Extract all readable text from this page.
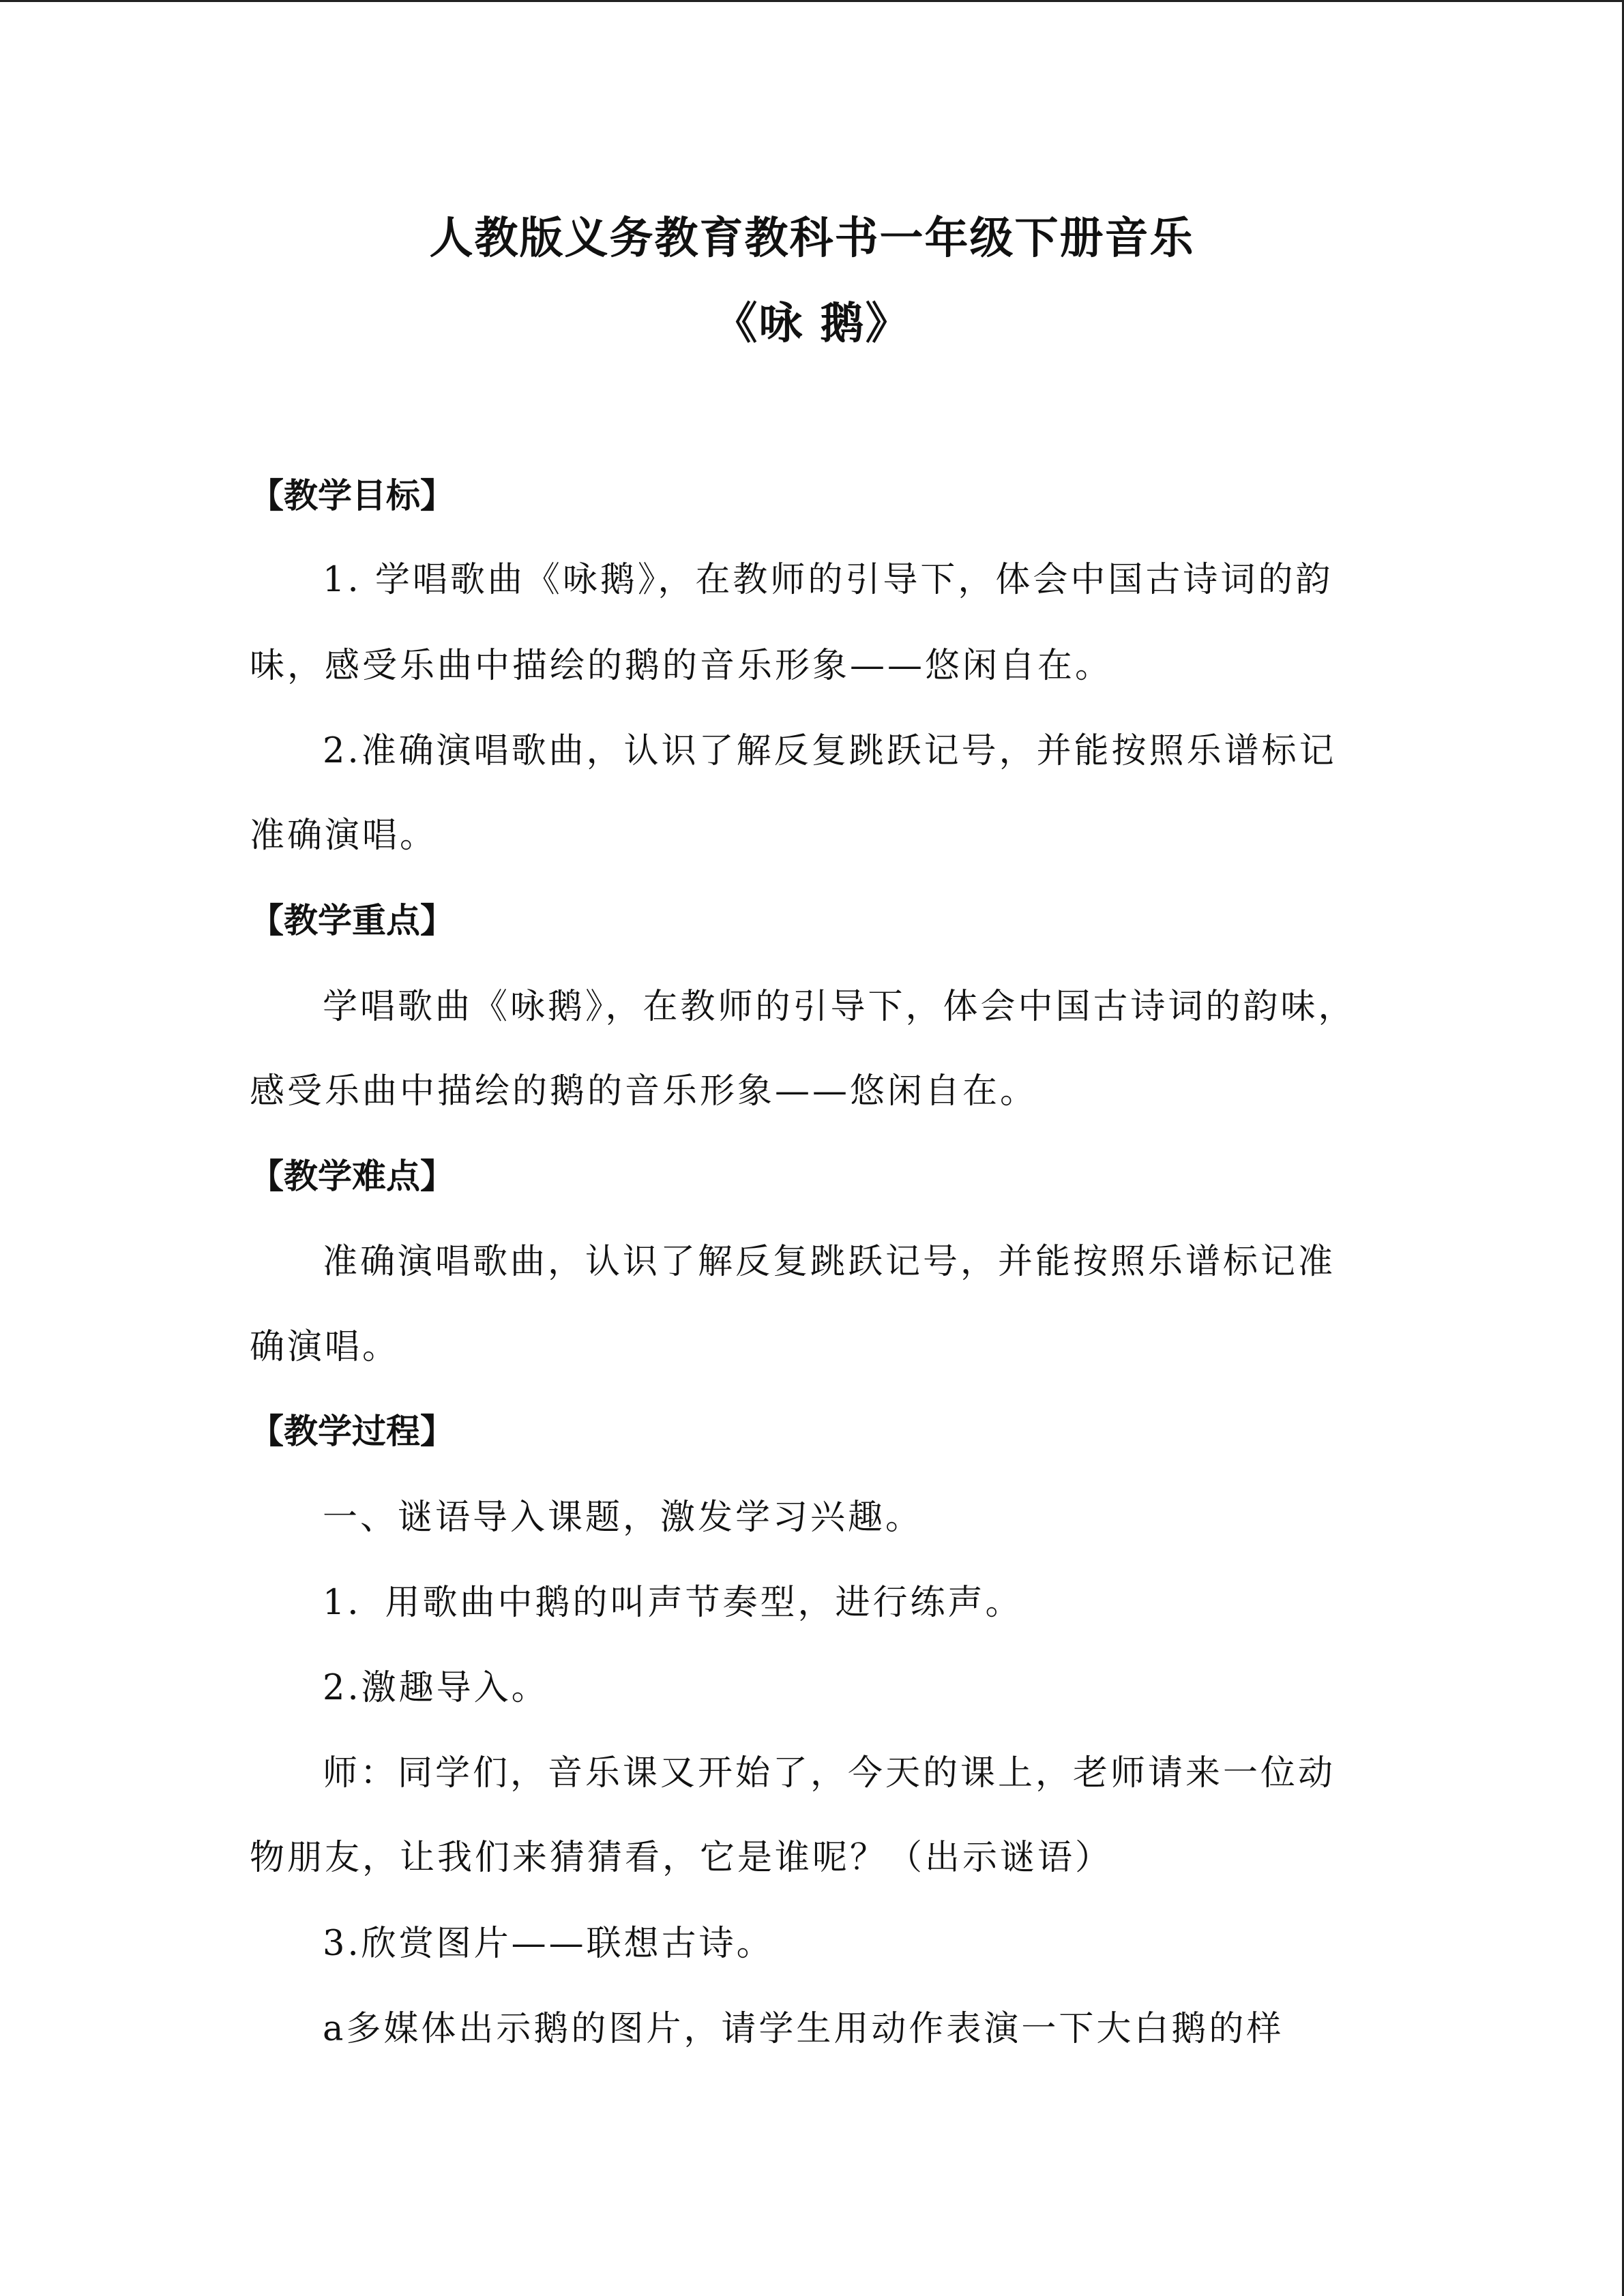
人教版义务教育教科书一年级下册音乐
《咏 鹅》
【教学目标】
1. 学唱歌曲《咏鹅》，在教师的引导下，体会中国古诗词的韵
味，感受乐曲中描绘的鹅的音乐形象——悠闲自在。
2.准确演唱歌曲，认识了解反复跳跃记号，并能按照乐谱标记
准确演唱。
【教学重点】
学唱歌曲《咏鹅》，在教师的引导下，体会中国古诗词的韵味，
感受乐曲中描绘的鹅的音乐形象——悠闲自在。
【教学难点】
准确演唱歌曲，认识了解反复跳跃记号，并能按照乐谱标记准
确演唱。
【教学过程】
一、谜语导入课题，激发学习兴趣。
1．用歌曲中鹅的叫声节奏型，进行练声。
2.激趣导入。
师：同学们，音乐课又开始了，今天的课上，老师请来一位动
物朋友，让我们来猜猜看，它是谁呢？（出示谜语）
3.欣赏图片——联想古诗。
a多媒体出示鹅的图片，请学生用动作表演一下大白鹅的样
